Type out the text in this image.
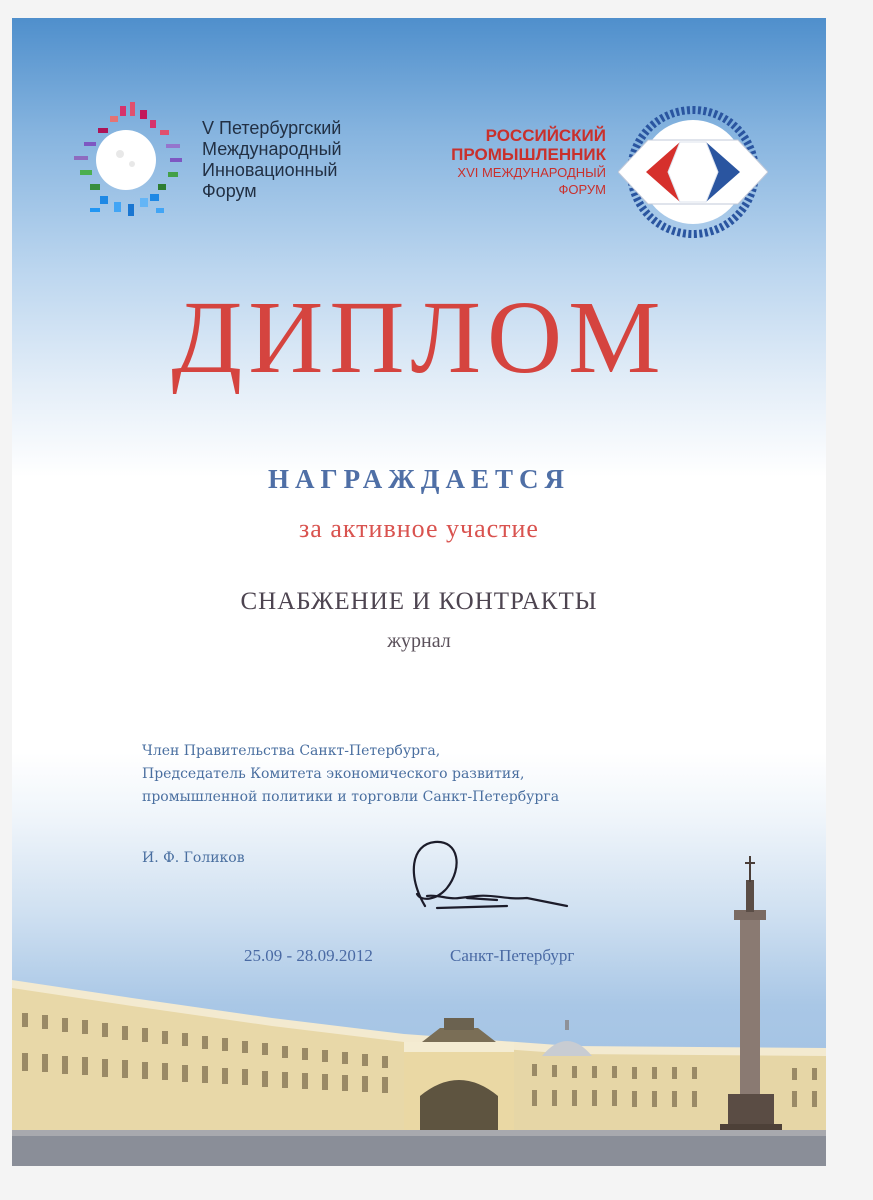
V Петербургский
Международный
Инновационный
Форум
РОССИЙСКИЙ
ПРОМЫШЛЕННИК
XVI МЕЖДУНАРОДНЫЙ
ФОРУМ
ДИПЛОМ
НАГРАЖДАЕТСЯ
за активное участие
СНАБЖЕНИЕ И КОНТРАКТЫ
журнал
Член Правительства Санкт-Петербурга,
Председатель Комитета экономического развития,
промышленной политики и торговли Санкт-Петербурга
И. Ф. Голиков
25.09 - 28.09.2012	Санкт-Петербург
